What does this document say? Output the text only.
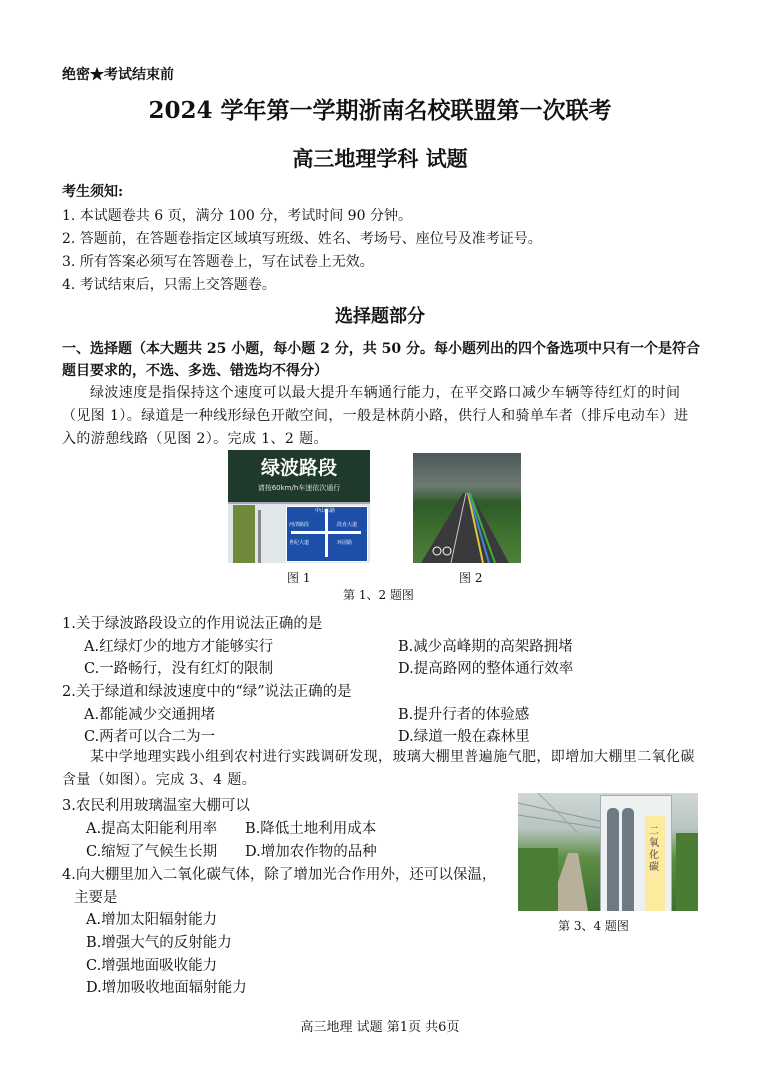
绝密★考试结束前
2024 学年第一学期浙南名校联盟第一次联考
高三地理学科 试题
考生须知:
1. 本试题卷共 6 页，满分 100 分，考试时间 90 分钟。
2. 答题前，在答题卷指定区域填写班级、姓名、考场号、座位号及准考证号。
3. 所有答案必须写在答题卷上，写在试卷上无效。
4. 考试结束后，只需上交答题卷。
选择题部分
一、选择题（本大题共 25 小题，每小题 2 分，共 50 分。每小题列出的四个备选项中只有一个是符合题目要求的，不选、多选、错选均不得分）
绿波速度是指保持这个速度可以最大提升车辆通行能力，在平交路口减少车辆等待红灯的时间（见图 1）。绿道是一种线形绿色开敞空间，一般是林荫小路，供行人和骑单车者（排斥电动车）进入的游憩线路（见图 2）。完成 1、2 题。
绿波路段
请按60km/h车速依次通行
中山东路
河清路段	段直大道
世纪大道	环园路
图 1	图 2
第 1、2 题图
1.关于绿波路段设立的作用说法正确的是
A.红绿灯少的地方才能够实行	B.减少高峰期的高架路拥堵
C.一路畅行，没有红灯的限制	D.提高路网的整体通行效率
2.关于绿道和绿波速度中的“绿”说法正确的是
A.都能减少交通拥堵	B.提升行者的体验感
C.两者可以合二为一	D.绿道一般在森林里
某中学地理实践小组到农村进行实践调研发现，玻璃大棚里普遍施气肥，即增加大棚里二氧化碳含量（如图）。完成 3、4 题。
3.农民利用玻璃温室大棚可以
A.提高太阳能利用率 B.降低土地利用成本
C.缩短了气候生长期 D.增加农作物的品种
4.向大棚里加入二氧化碳气体，除了增加光合作用外，还可以保温，
主要是
A.增加太阳辐射能力
B.增强大气的反射能力
C.增强地面吸收能力
D.增加吸收地面辐射能力
二氧化碳
第 3、4 题图
高三地理 试题 第1页 共6页
